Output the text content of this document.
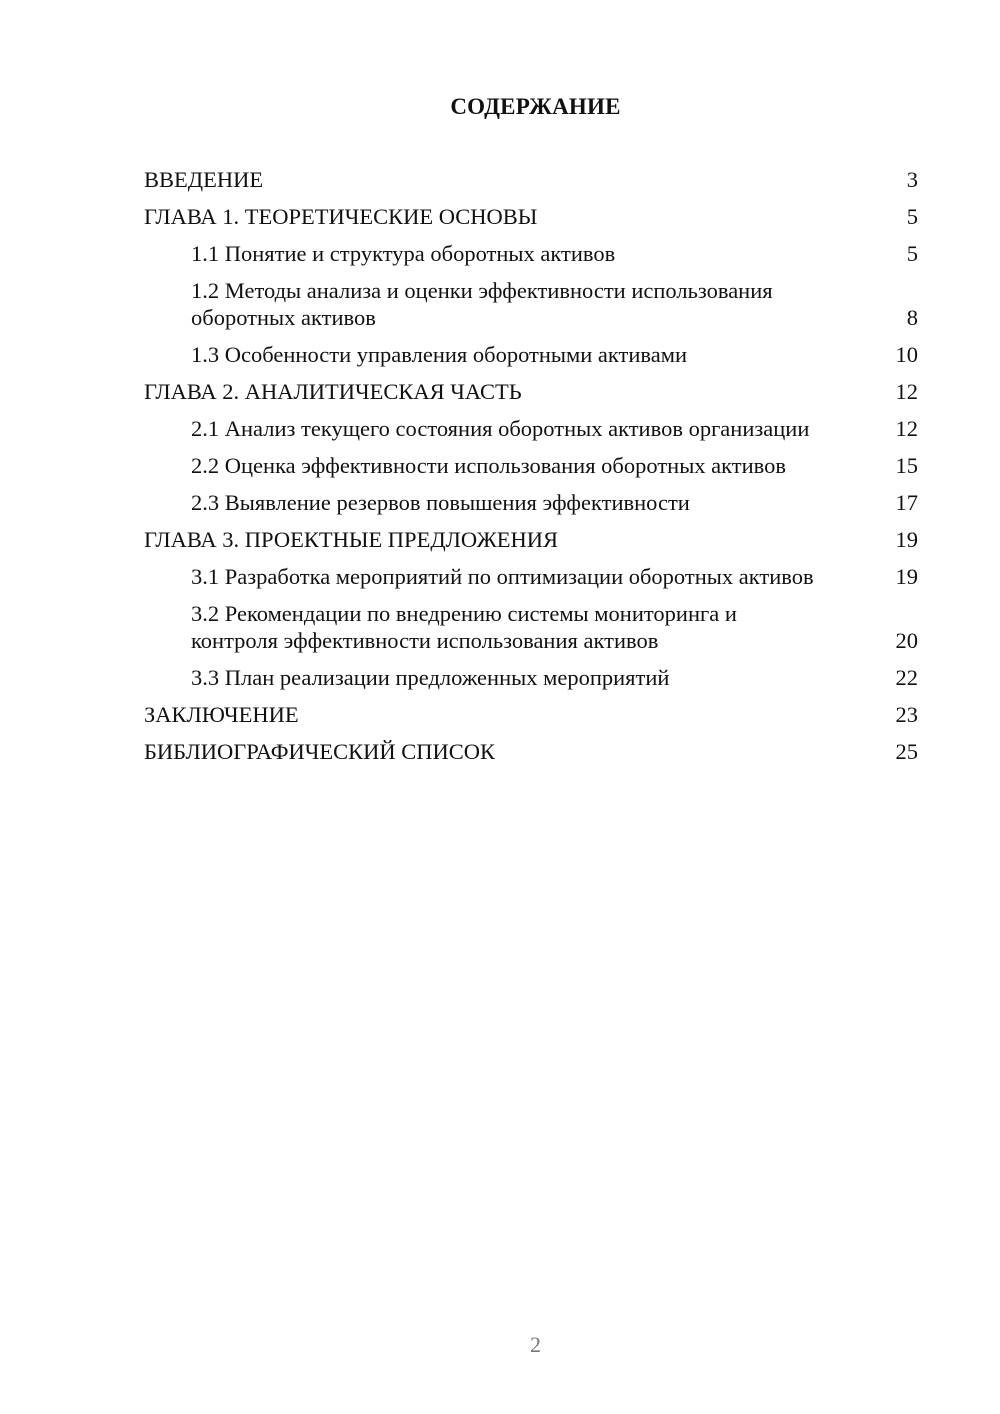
СОДЕРЖАНИЕ
ВВЕДЕНИЕ	3
ГЛАВА 1. ТЕОРЕТИЧЕСКИЕ ОСНОВЫ	5
1.1 Понятие и структура оборотных активов	5
1.2 Методы анализа и оценки эффективности использования оборотных активов	8
1.3 Особенности управления оборотными активами	10
ГЛАВА 2. АНАЛИТИЧЕСКАЯ ЧАСТЬ	12
2.1 Анализ текущего состояния оборотных активов организации	12
2.2 Оценка эффективности использования оборотных активов	15
2.3 Выявление резервов повышения эффективности	17
ГЛАВА 3. ПРОЕКТНЫЕ ПРЕДЛОЖЕНИЯ	19
3.1 Разработка мероприятий по оптимизации оборотных активов	19
3.2 Рекомендации по внедрению системы мониторинга и контроля эффективности использования активов	20
3.3 План реализации предложенных мероприятий	22
ЗАКЛЮЧЕНИЕ	23
БИБЛИОГРАФИЧЕСКИЙ СПИСОК	25
2
